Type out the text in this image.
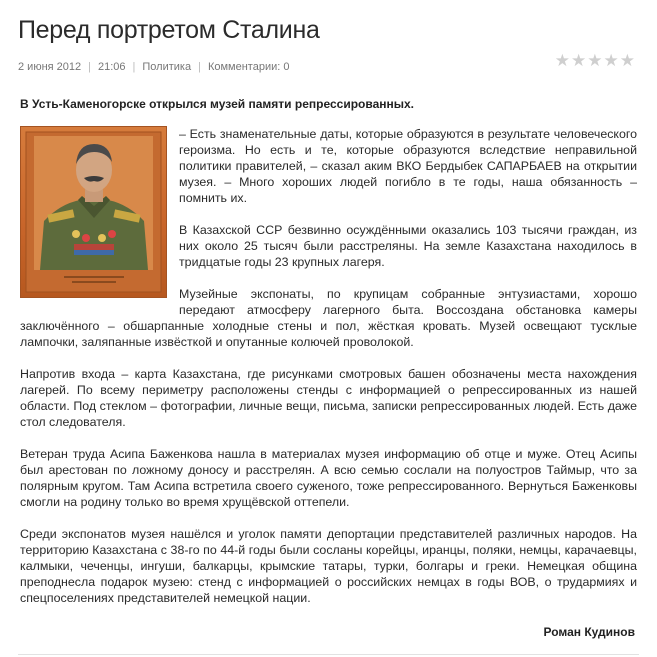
Перед портретом Сталина
2 июня 2012 | 21:06 | Политика | Комментарии: 0	★ ★ ★ ★ ★
В Усть-Каменогорске открылся музей памяти репрессированных.

– Есть знаменательные даты, которые образуются в результате человеческого героизма. Но есть и те, которые образуются вследствие неправильной политики правителей, – сказал аким ВКО Бердыбек САПАРБАЕВ на открытии музея. – Много хороших людей погибло в те годы, наша обязанность – помнить их.

В Казахской ССР безвинно осуждёнными оказались 103 тысячи граждан, из них около 25 тысяч были расстреляны. На земле Казахстана находилось в тридцатые годы 23 крупных лагеря.

Музейные экспонаты, по крупицам собранные энтузиастами, хорошо передают атмосферу лагерного быта. Воссоздана обстановка камеры заключённого – обшарпанные холодные стены и пол, жёсткая кровать. Музей освещают тусклые лампочки, заляпанные извёсткой и опутанные колючей проволокой.

Напротив входа – карта Казахстана, где рисунками смотровых башен обозначены места нахождения лагерей. По всему периметру расположены стенды с информацией о репрессированных из нашей области. Под стеклом – фотографии, личные вещи, письма, записки репрессированных людей. Есть даже стол следователя.

Ветеран труда Асипа Баженкова нашла в материалах музея информацию об отце и муже. Отец Асипы был арестован по ложному доносу и расстрелян. А всю семью сослали на полуостров Таймыр, что за полярным кругом. Там Асипа встретила своего суженого, тоже репрессированного. Вернуться Баженковы смогли на родину только во время хрущёвской оттепели.

Среди экспонатов музея нашёлся и уголок памяти депортации представителей различных народов. На территорию Казахстана с 38-го по 44-й годы были сосланы корейцы, иранцы, поляки, немцы, карачаевцы, калмыки, чеченцы, ингуши, балкарцы, крымские татары, турки, болгары и греки. Немецкая община преподнесла подарок музею: стенд с информацией о российских немцах в годы ВОВ, о трудармиях и спецпоселениях представителей немецкой нации.

Роман Кудинов
